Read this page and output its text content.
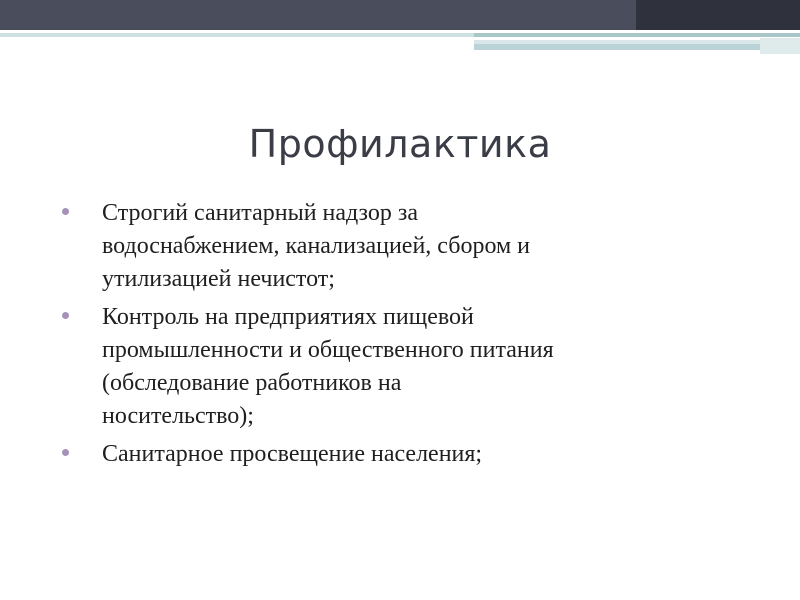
Профилактика
Строгий санитарный надзор за
водоснабжением, канализацией, сбором и
утилизацией нечистот;
Контроль на предприятиях пищевой
промышленности и общественного питания
(обследование работников на
носительство);
Санитарное просвещение населения;
